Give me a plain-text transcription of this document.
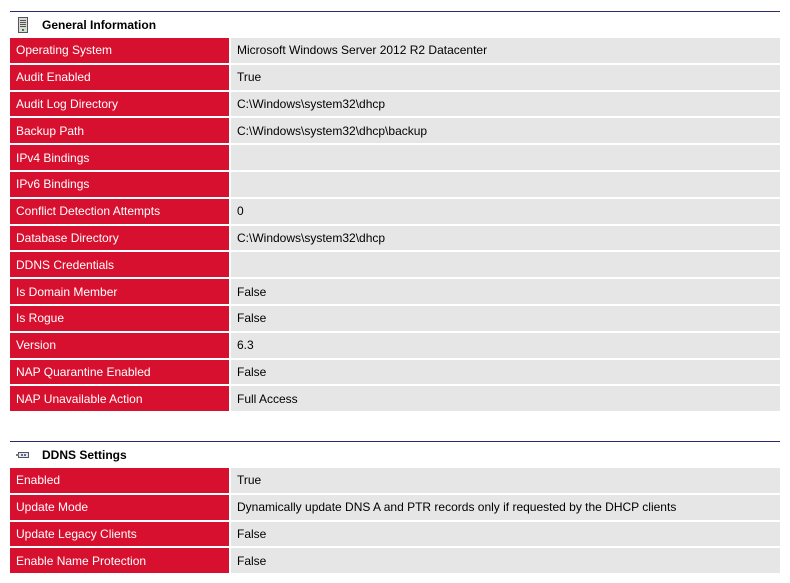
General Information
Operating System	Microsoft Windows Server 2012 R2 Datacenter
Audit Enabled	True
Audit Log Directory	C:\Windows\system32\dhcp
Backup Path	C:\Windows\system32\dhcp\backup
IPv4 Bindings
IPv6 Bindings
Conflict Detection Attempts	0
Database Directory	C:\Windows\system32\dhcp
DDNS Credentials
Is Domain Member	False
Is Rogue	False
Version	6.3
NAP Quarantine Enabled	False
NAP Unavailable Action	Full Access
DDNS Settings
Enabled	True
Update Mode	Dynamically update DNS A and PTR records only if requested by the DHCP clients
Update Legacy Clients	False
Enable Name Protection	False
